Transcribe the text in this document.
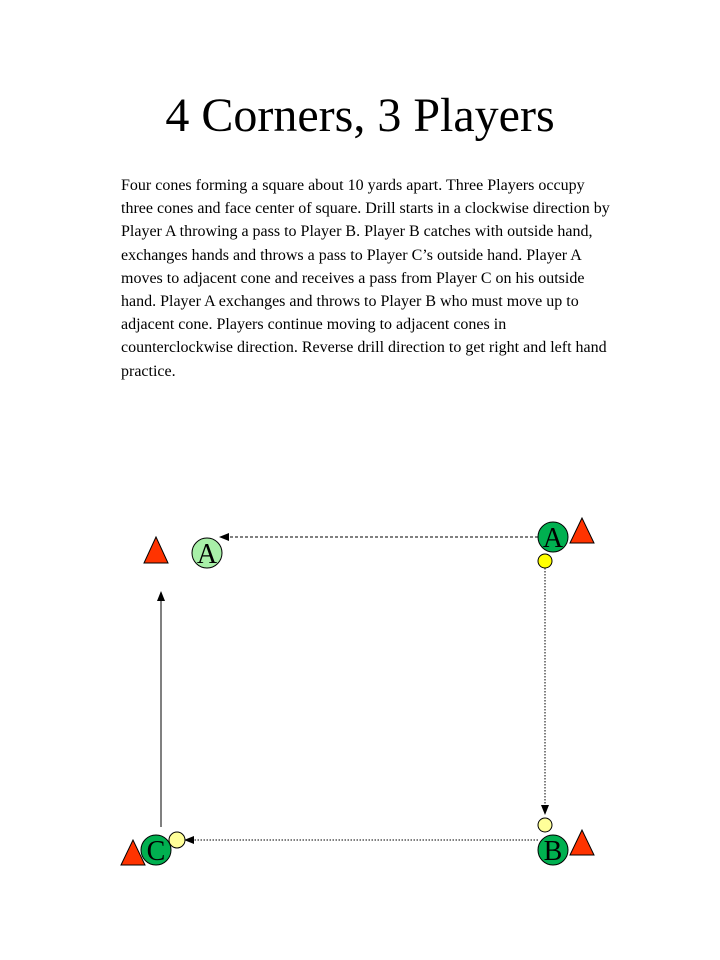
4 Corners, 3 Players

Four cones forming a square about 10 yards apart. Three Players occupy three cones and face center of square. Drill starts in a clockwise direction by Player A throwing a pass to Player B. Player B catches with outside hand, exchanges hands and throws a pass to Player C’s outside hand. Player A moves to adjacent cone and receives a pass from Player C on his outside hand. Player A exchanges and throws to Player B who must move up to adjacent cone. Players continue moving to adjacent cones in counterclockwise direction. Reverse drill direction to get right and left hand practice.

A
A
B
C
